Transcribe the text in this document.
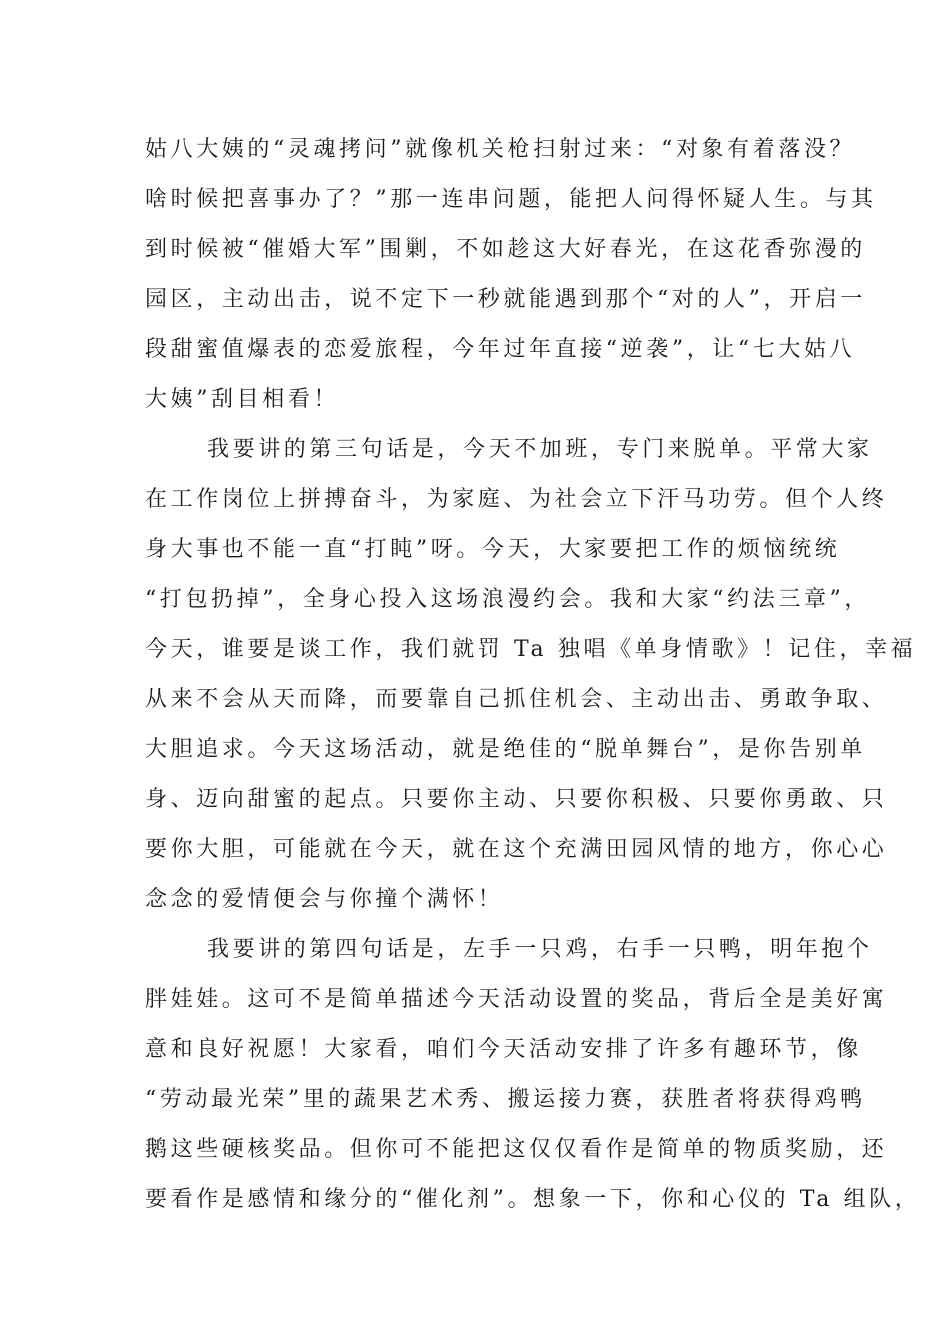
姑八大姨的“灵魂拷问”就像机关枪扫射过来：“对象有着落没？
啥时候把喜事办了？”那一连串问题，能把人问得怀疑人生。与其
到时候被“催婚大军”围剿，不如趁这大好春光，在这花香弥漫的
园区，主动出击，说不定下一秒就能遇到那个“对的人”，开启一
段甜蜜值爆表的恋爱旅程，今年过年直接“逆袭”，让“七大姑八
大姨”刮目相看！
我要讲的第三句话是，今天不加班，专门来脱单。平常大家
在工作岗位上拼搏奋斗，为家庭、为社会立下汗马功劳。但个人终
身大事也不能一直“打盹”呀。今天，大家要把工作的烦恼统统
“打包扔掉”，全身心投入这场浪漫约会。我和大家“约法三章”，
今天，谁要是谈工作，我们就罚 Ta 独唱《单身情歌》！记住，幸福
从来不会从天而降，而要靠自己抓住机会、主动出击、勇敢争取、
大胆追求。今天这场活动，就是绝佳的“脱单舞台”，是你告别单
身、迈向甜蜜的起点。只要你主动、只要你积极、只要你勇敢、只
要你大胆，可能就在今天，就在这个充满田园风情的地方，你心心
念念的爱情便会与你撞个满怀！
我要讲的第四句话是，左手一只鸡，右手一只鸭，明年抱个
胖娃娃。这可不是简单描述今天活动设置的奖品，背后全是美好寓
意和良好祝愿！大家看，咱们今天活动安排了许多有趣环节，像
“劳动最光荣”里的蔬果艺术秀、搬运接力赛，获胜者将获得鸡鸭
鹅这些硬核奖品。但你可不能把这仅仅看作是简单的物质奖励，还
要看作是感情和缘分的“催化剂”。想象一下，你和心仪的 Ta 组队，
